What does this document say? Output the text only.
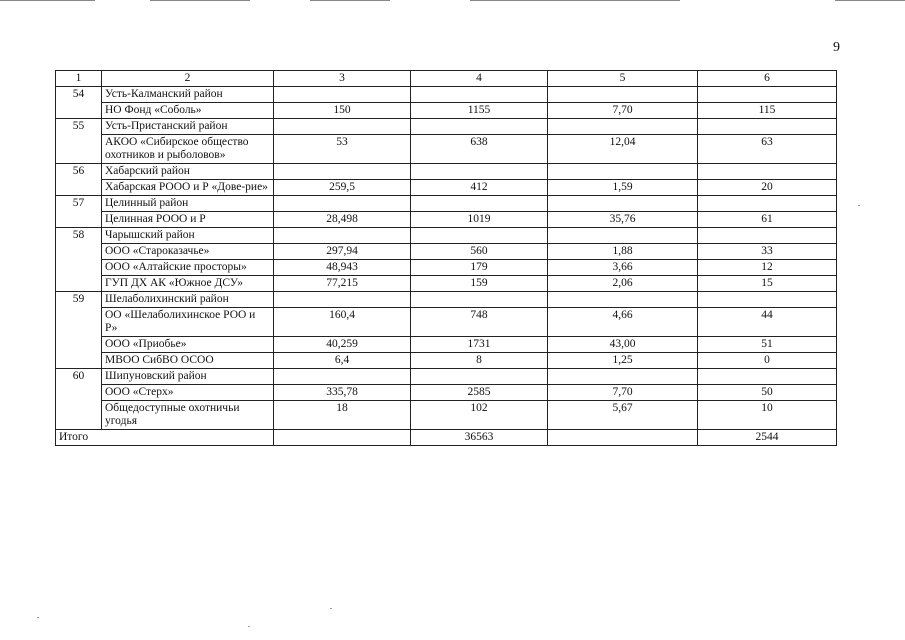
9
1	2	3	4	5	6
54	Усть-Калманский район				
	НО Фонд «Соболь»	150	1155	7,70	115
55	Усть-Пристанский район				
	АКОО «Сибирское общество охотников и рыболовов»	53	638	12,04	63
56	Хабарский район				
	Хабарская РООО и Р «Дове-рие»	259,5	412	1,59	20
57	Целинный район				
	Целинная РООО и Р	28,498	1019	35,76	61
58	Чарышский район				
	ООО «Староказачье»	297,94	560	1,88	33
	ООО «Алтайские просторы»	48,943	179	3,66	12
	ГУП ДХ АК «Южное ДСУ»	77,215	159	2,06	15
59	Шелаболихинский район				
	ОО «Шелаболихинское РОО и Р»	160,4	748	4,66	44
	ООО «Приобье»	40,259	1731	43,00	51
	МВОО СибВО ОСОО	6,4	8	1,25	0
60	Шипуновский район				
	ООО «Стерх»	335,78	2585	7,70	50
	Общедоступные охотничьи угодья	18	102	5,67	10
Итого			36563		2544
